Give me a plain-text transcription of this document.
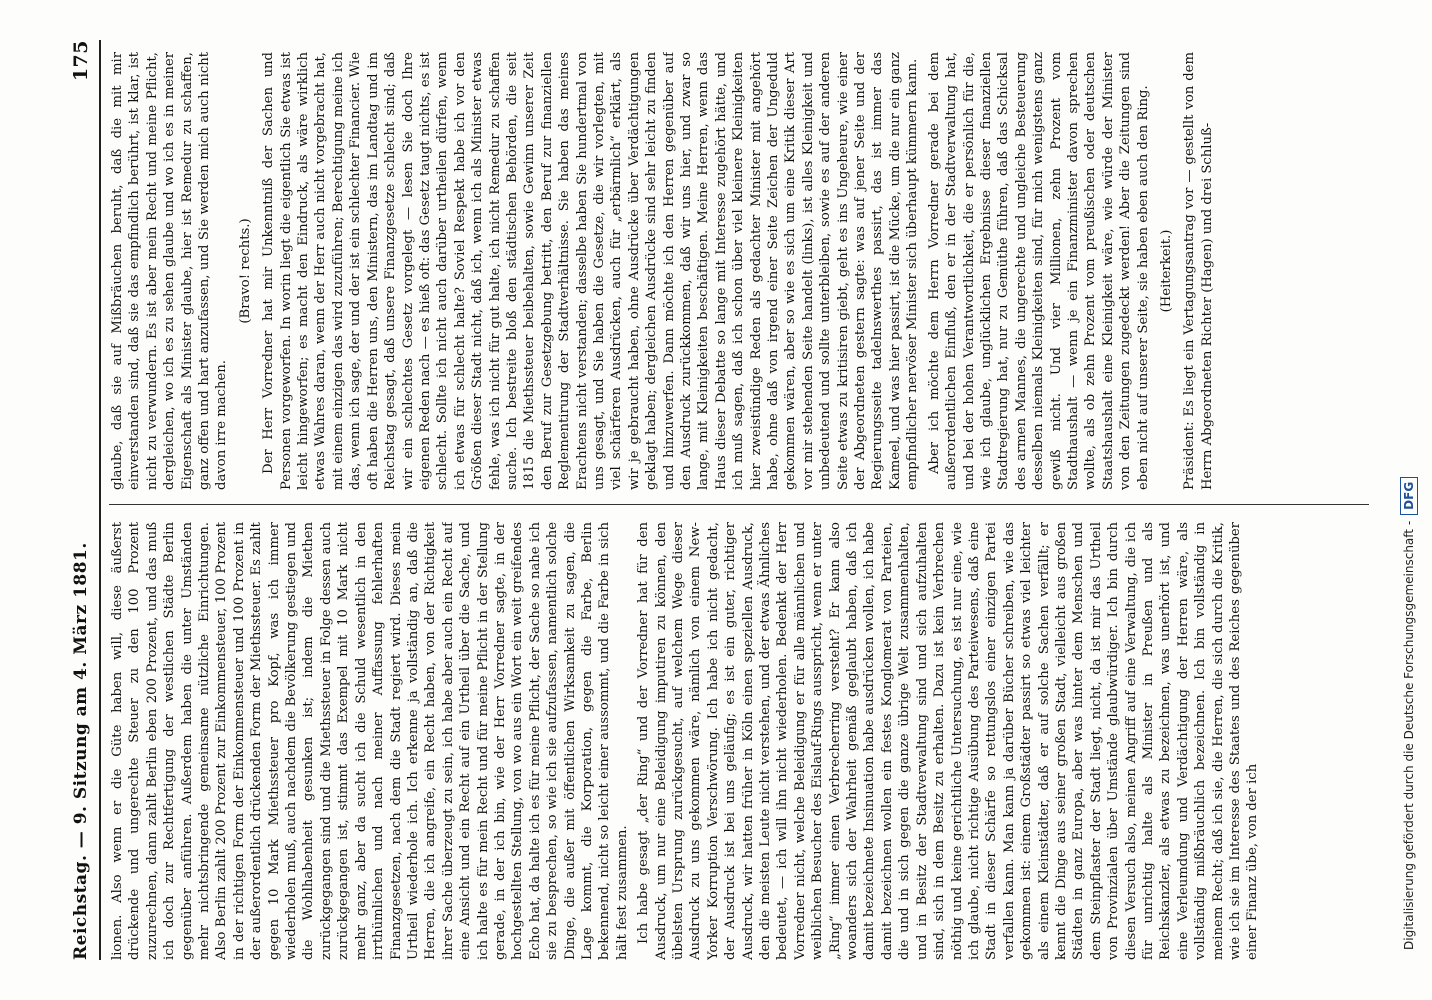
Reichstag. — 9. Sitzung am 4. März 1881.
175

lionen. Also wenn er die Güte haben will, diese äußerst drückende und ungerechte Steuer zu den 100 Prozent zuzurechnen, dann zahlt Berlin eben 200 Prozent, und das muß ich doch zur Rechtfertigung der westlichen Städte Berlin gegenüber anführen. Außerdem haben die unter Umständen mehr nichtsbringende gemeinsame nützliche Einrichtungen. Also Berlin zahlt 200 Prozent zur Einkommensteuer, 100 Prozent in der richtigen Form der Einkommensteuer und 100 Prozent in der außerordentlich drückenden Form der Miethssteuer. Es zahlt gegen 10 Mark Miethssteuer pro Kopf, was ich immer wiederholen muß, auch nachdem die Bevölkerung gestiegen und die Wohlhabenheit gesunken ist; indem die Miethen zurückgegangen sind und die Miethssteuer in Folge dessen auch zurückgegangen ist, stimmt das Exempel mit 10 Mark nicht mehr ganz, aber da sucht ich die Schuld wesentlich in den irrthümlichen und nach meiner Auffassung fehlerhaften Finanzgesetzen, nach dem die Stadt regiert wird. Dieses mein Urtheil wiederhole ich. Ich erkenne ja vollständig an, daß die Herren, die ich angreife, ein Recht haben, von der Richtigkeit ihrer Sache überzeugt zu sein, ich habe aber auch ein Recht auf eine Ansicht und ein Recht auf ein Urtheil über die Sache, und ich halte es für mein Recht und für meine Pflicht in der Stellung gerade, in der ich bin, wie der Herr Vorredner sagte, in der hochgestellten Stellung, von wo aus ein Wort ein weit greifendes Echo hat, da halte ich es für meine Pflicht, der Sache so nahe ich sie zu besprechen, so wie ich sie aufzufassen, namentlich solche Dinge, die außer mit öffentlichen Wirksamkeit zu sagen, die Lage kommt, die Korporation, gegen die Farbe, Berlin bekennend, nicht so leicht einer aussommt, und die Farbe in sich hält fest zusammen. Ich habe gesagt „der Ring“ und der Vorredner hat für den Ausdruck, um nur eine Beleidigung imputiren zu können, den übelsten Ursprung zurückgesucht, auf welchem Wege dieser Ausdruck zu uns gekommen wäre, nämlich von einem New-Yorker Korruption Verschwörung. Ich habe ich nicht gedacht, der Ausdruck ist bei uns geläufig; es ist ein guter, richtiger Ausdruck, wir hatten früher in Köln einen speziellen Ausdruck, den die meisten Leute nicht verstehen, und der etwas Ähnliches bedeutet, — ich will ihn nicht wiederholen. Bedenkt der Herr Vorredner nicht, welche Beleidigung er für alle männlichen und weiblichen Besucher des Eislauf-Rings ausspricht, wenn er unter „Ring“ immer einen Verbrecherring versteht? Er kann also woanders sich der Wahrheit gemäß geglaubt haben, daß ich damit bezeichnete Insinuation habe ausdrücken wollen, ich habe damit bezeichnen wollen ein festes Konglomerat von Parteien, die und in sich gegen die ganze übrige Welt zusammenhalten, und in Besitz der Stadtverwaltung sind und sich aufzuhalten sind, sich in dem Besitz zu erhalten. Dazu ist kein Verbrechen nöthig und keine gerichtliche Untersuchung, es ist nur eine, wie ich glaube, nicht richtige Ausübung des Parteiwesens, daß eine Stadt in dieser Schärfe so rettungslos einer einzigen Partei verfallen kann. Man kann ja darüber Bücher schreiben, wie das gekommen ist: einem Großstädter passirt so etwas viel leichter als einem Kleinstädter, daß er auf solche Sachen verfällt; er kennt die Dinge aus seiner großen Stadt, vielleicht aus großen Städten in ganz Europa, aber was hinter dem Menschen und dem Steinpflaster der Stadt liegt, nicht, da ist mir das Urtheil von Provinzialen über Umstände glaubwürdiger. Ich bin durch diesen Versuch also, meinen Angriff auf eine Verwaltung, die ich für unrichtig halte als Minister in Preußen und als Reichskanzler, als etwas zu bezeichnen, was unerhört ist, und eine Verleumdung und Verdächtigung der Herren wäre, als vollständig mißbräuchlich bezeichnen. Ich bin vollständig in meinem Recht; daß ich sie, die Herren, die sich durch die Kritik, wie ich sie im Interesse des Staates und des Reiches gegenüber einer Finanz übe, von der ich

glaube, daß sie auf Mißbräuchen beruht, daß die mit mir einverstanden sind, daß sie das empfindlich berührt, ist klar, ist nicht zu verwundern. Es ist aber mein Recht und meine Pflicht, dergleichen, wo ich es zu sehen glaube und wo ich es in meiner Eigenschaft als Minister glaube, hier ist Remedur zu schaffen, ganz offen und hart anzufassen, und Sie werden mich auch nicht davon irre machen.

(Bravo! rechts.) Der Herr Vorredner hat mir Unkenntniß der Sachen und Personen vorgeworfen. In worin liegt die eigentlich Sie etwas ist leicht hingeworfen; es macht den Eindruck, als wäre wirklich etwas Wahres daran, wenn der Herr auch nicht vorgebracht hat, mit einem einzigen das wird zuzuführen; Berechtigung meine ich das, wenn ich sage, der und der ist ein schlechter Financier. Wie oft haben die Herren uns, den Ministern, das im Landtag und im Reichstag gesagt, daß unsere Finanzgesetze schlecht sind; daß wir ein schlechtes Gesetz vorgelegt — lesen Sie doch Ihre eigenen Reden nach — es hieß oft: das Gesetz taugt nichts, es ist schlecht. Sollte ich nicht auch darüber urtheilen dürfen, wenn ich etwas für schlecht halte? Soviel Respekt habe ich vor den Größen dieser Stadt nicht, daß ich, wenn ich als Minister etwas fehle, was ich nicht für gut halte, ich nicht Remedur zu schaffen suche. Ich bestreite bloß den städtischen Behörden, die seit 1815 die Miethssteuer beibehalten, sowie Gewinn unserer Zeit den Beruf zur Gesetzgebung betritt, den Beruf zur finanziellen Reglementirung der Stadtverhältnisse. Sie haben das meines Erachtens nicht verstanden; dasselbe haben Sie hundertmal von uns gesagt, und Sie haben die Gesetze, die wir vorlegten, mit viel schärferen Ausdrücken, auch für „erbärmlich“ erklärt, als wir je gebraucht haben, ohne Ausdrücke über Verdächtigungen geklagt haben; dergleichen Ausdrücke sind sehr leicht zu finden und hinzuwerfen. Dann möchte ich den Herren gegenüber auf den Ausdruck zurückkommen, daß wir uns hier, und zwar so lange, mit Kleinigkeiten beschäftigen. Meine Herren, wenn das Haus dieser Debatte so lange mit Interesse zugehört hätte, und ich muß sagen, daß ich schon über viel kleinere Kleinigkeiten hier zweistündige Reden als gedachter Minister mit angehört habe, ohne daß von irgend einer Seite Zeichen der Ungeduld gekommen wären, aber so wie es sich um eine Kritik dieser Art vor mir stehenden Seite handelt (links), ist alles Kleinigkeit und unbedeutend und sollte unterbleiben, sowie es auf der anderen Seite etwas zu kritisiren giebt, geht es ins Ungeheure, wie einer der Abgeordneten gestern sagte: was auf jener Seite und der Regierungsseite tadelnswerthes passirt, das ist immer das Kameel, und was hier passirt, ist die Mücke, um die nur ein ganz empfindlicher nervöser Minister sich überhaupt kümmern kann. Aber ich möchte dem Herrn Vorredner gerade bei dem außerordentlichen Einfluß, den er in der Stadtverwaltung hat, und bei der hohen Verantwortlichkeit, die er persönlich für die, wie ich glaube, unglücklichen Ergebnisse dieser finanziellen Stadtregierung hat, nur zu Gemüthe führen, daß das Schicksal des armen Mannes, die ungerechte und ungleiche Besteuerung desselben niemals Kleinigkeiten sind, für mich wenigstens ganz gewiß nicht. Und vier Millionen, zehn Prozent vom Stadthaushalt — wenn je ein Finanzminister davon sprechen wollte, als ob zehn Prozent vom preußischen oder deutschen Staatshaushalt eine Kleinigkeit wäre, wie würde der Minister von den Zeitungen zugedeckt werden! Aber die Zeitungen sind eben nicht auf unserer Seite, sie haben eben auch den Ring. (Heiterkeit.) Präsident: Es liegt ein Vertagungsantrag vor — gestellt von dem Herrn Abgeordneten Richter (Hagen) und drei Schluß-

Digitalisierung gefördert durch die Deutsche Forschungsgemeinschaft -
DFG
